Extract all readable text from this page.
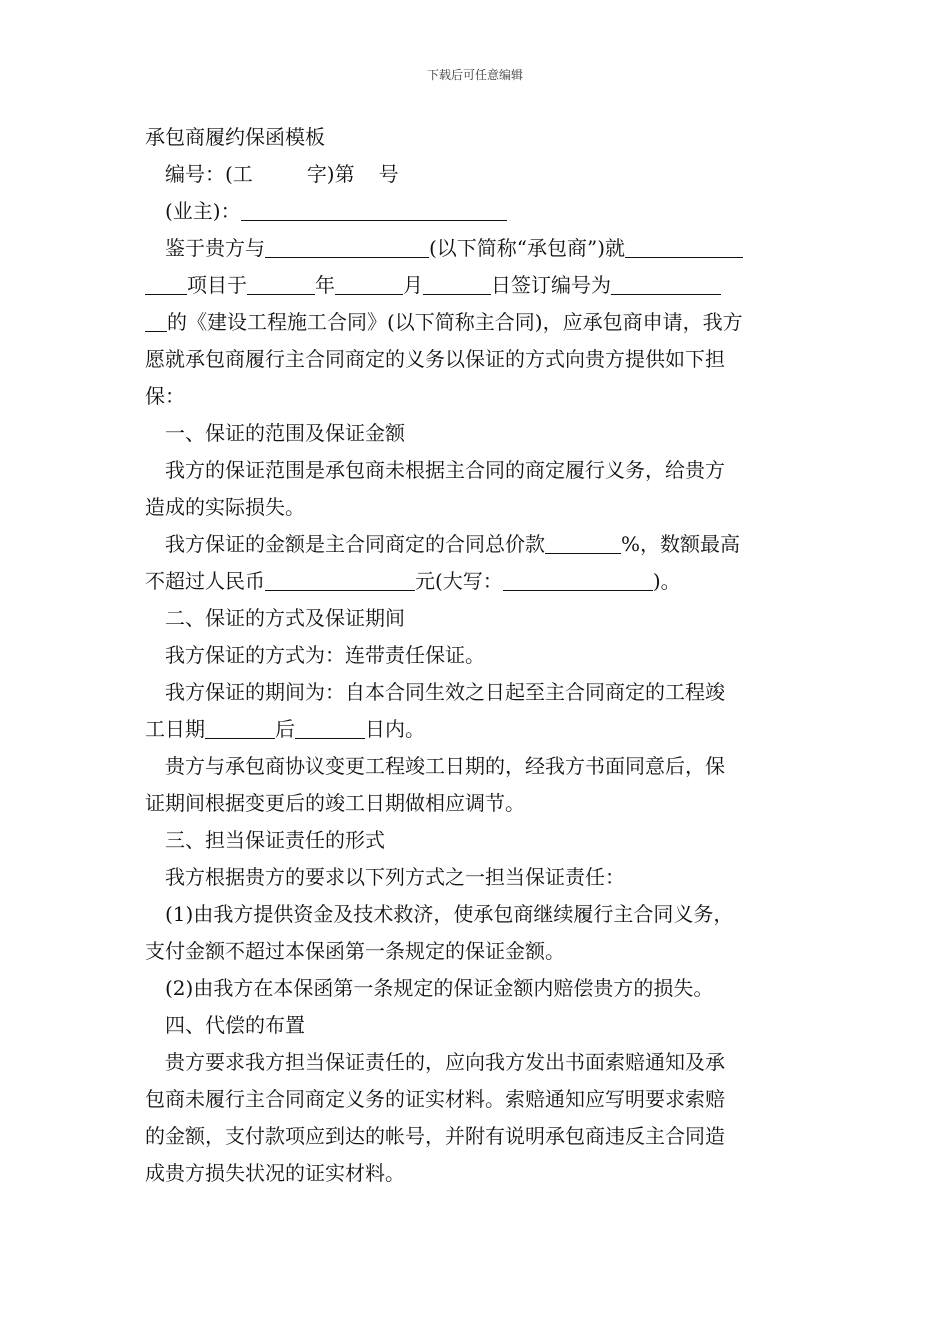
下载后可任意编辑
承包商履约保函模板
编号：(工	字)第 号
(业主)：
鉴于贵方与	(以下简称“承包商”)就
项目于	年	月	日签订编号为
的《建设工程施工合同》(以下简称主合同)，应承包商申请，我方
愿就承包商履行主合同商定的义务以保证的方式向贵方提供如下担
保：
一、保证的范围及保证金额
我方的保证范围是承包商未根据主合同的商定履行义务，给贵方
造成的实际损失。
我方保证的金额是主合同商定的合同总价款	%，数额最高
不超过人民币	元(大写：	)。
二、保证的方式及保证期间
我方保证的方式为：连带责任保证。
我方保证的期间为：自本合同生效之日起至主合同商定的工程竣
工日期	后	日内。
贵方与承包商协议变更工程竣工日期的，经我方书面同意后，保
证期间根据变更后的竣工日期做相应调节。
三、担当保证责任的形式
我方根据贵方的要求以下列方式之一担当保证责任：
(1)由我方提供资金及技术救济，使承包商继续履行主合同义务，
支付金额不超过本保函第一条规定的保证金额。
(2)由我方在本保函第一条规定的保证金额内赔偿贵方的损失。
四、代偿的布置
贵方要求我方担当保证责任的，应向我方发出书面索赔通知及承
包商未履行主合同商定义务的证实材料。索赔通知应写明要求索赔
的金额，支付款项应到达的帐号，并附有说明承包商违反主合同造
成贵方损失状况的证实材料。
